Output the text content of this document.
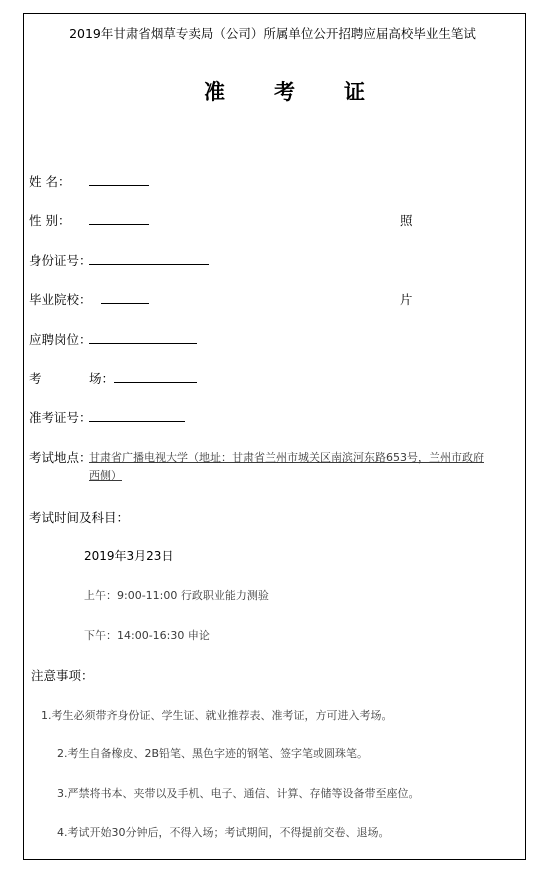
2019年甘肃省烟草专卖局（公司）所属单位公开招聘应届高校毕业生笔试
准 考 证
姓 名：
性 别：	照
身份证号：
毕业院校：	片
应聘岗位：
考	场：
准考证号：
考试地点：
甘肃省广播电视大学（地址：甘肃省兰州市城关区南滨河东路653号，兰州市政府
西侧）
考试时间及科目：
2019年3月23日
上午：9:00-11:00 行政职业能力测验
下午：14:00-16:30 申论
注意事项：
1.考生必须带齐身份证、学生证、就业推荐表、准考证，方可进入考场。
2.考生自备橡皮、2B铅笔、黑色字迹的钢笔、签字笔或圆珠笔。
3.严禁将书本、夹带以及手机、电子、通信、计算、存储等设备带至座位。
4.考试开始30分钟后，不得入场；考试期间，不得提前交卷、退场。
